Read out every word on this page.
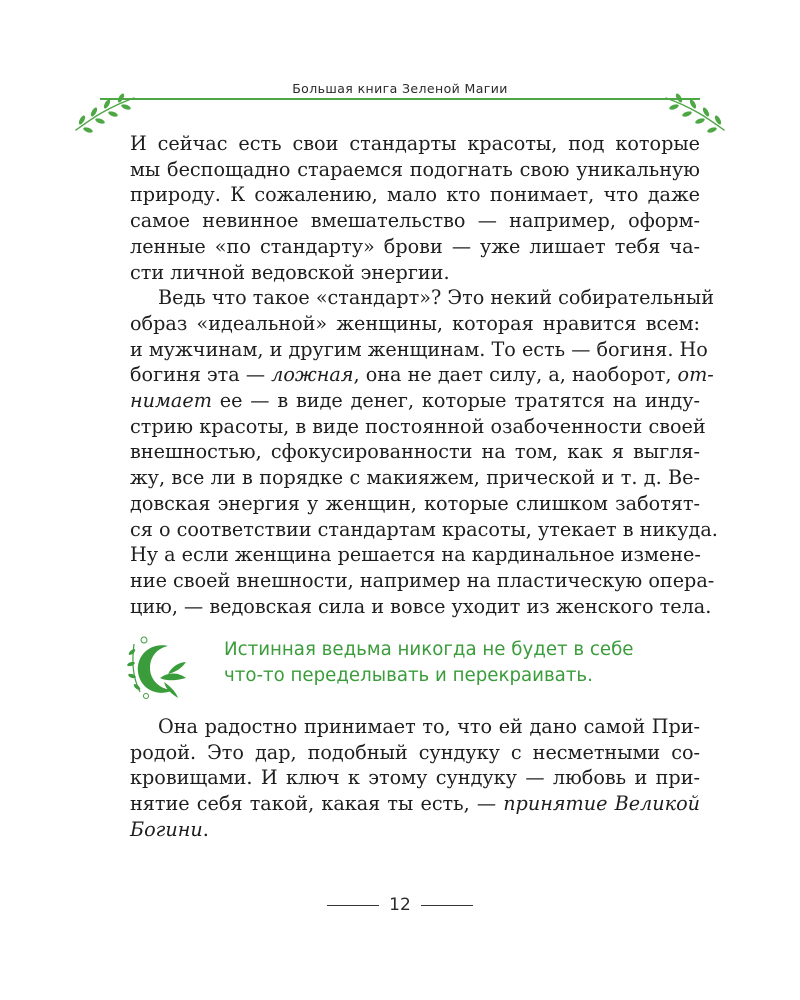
Большая книга Зеленой Магии

И сейчас есть свои стандарты красоты, под которые
мы беспощадно стараемся подогнать свою уникальную
природу. К сожалению, мало кто понимает, что даже
самое невинное вмешательство — например, оформ-
ленные «по стандарту» брови — уже лишает тебя ча-
сти личной ведовской энергии.

Ведь что такое «стандарт»? Это некий собирательный
образ «идеальной» женщины, которая нравится всем:
и мужчинам, и другим женщинам. То есть — богиня. Но
богиня эта — ложная, она не дает силу, а, наоборот, от-
нимает ее — в виде денег, которые тратятся на инду-
стрию красоты, в виде постоянной озабоченности своей
внешностью, сфокусированности на том, как я выгля-
жу, все ли в порядке с макияжем, прической и т. д. Ве-
довская энергия у женщин, которые слишком заботят-
ся о соответствии стандартам красоты, утекает в никуда.
Ну а если женщина решается на кардинальное измене-
ние своей внешности, например на пластическую опера-
цию, — ведовская сила и вовсе уходит из женского тела.

Истинная ведьма никогда не будет в себе
что-то переделывать и перекраивать.

Она радостно принимает то, что ей дано самой При-
родой. Это дар, подобный сундуку с несметными со-
кровищами. И ключ к этому сундуку — любовь и при-
нятие себя такой, какая ты есть, — принятие Великой
Богини.

12
